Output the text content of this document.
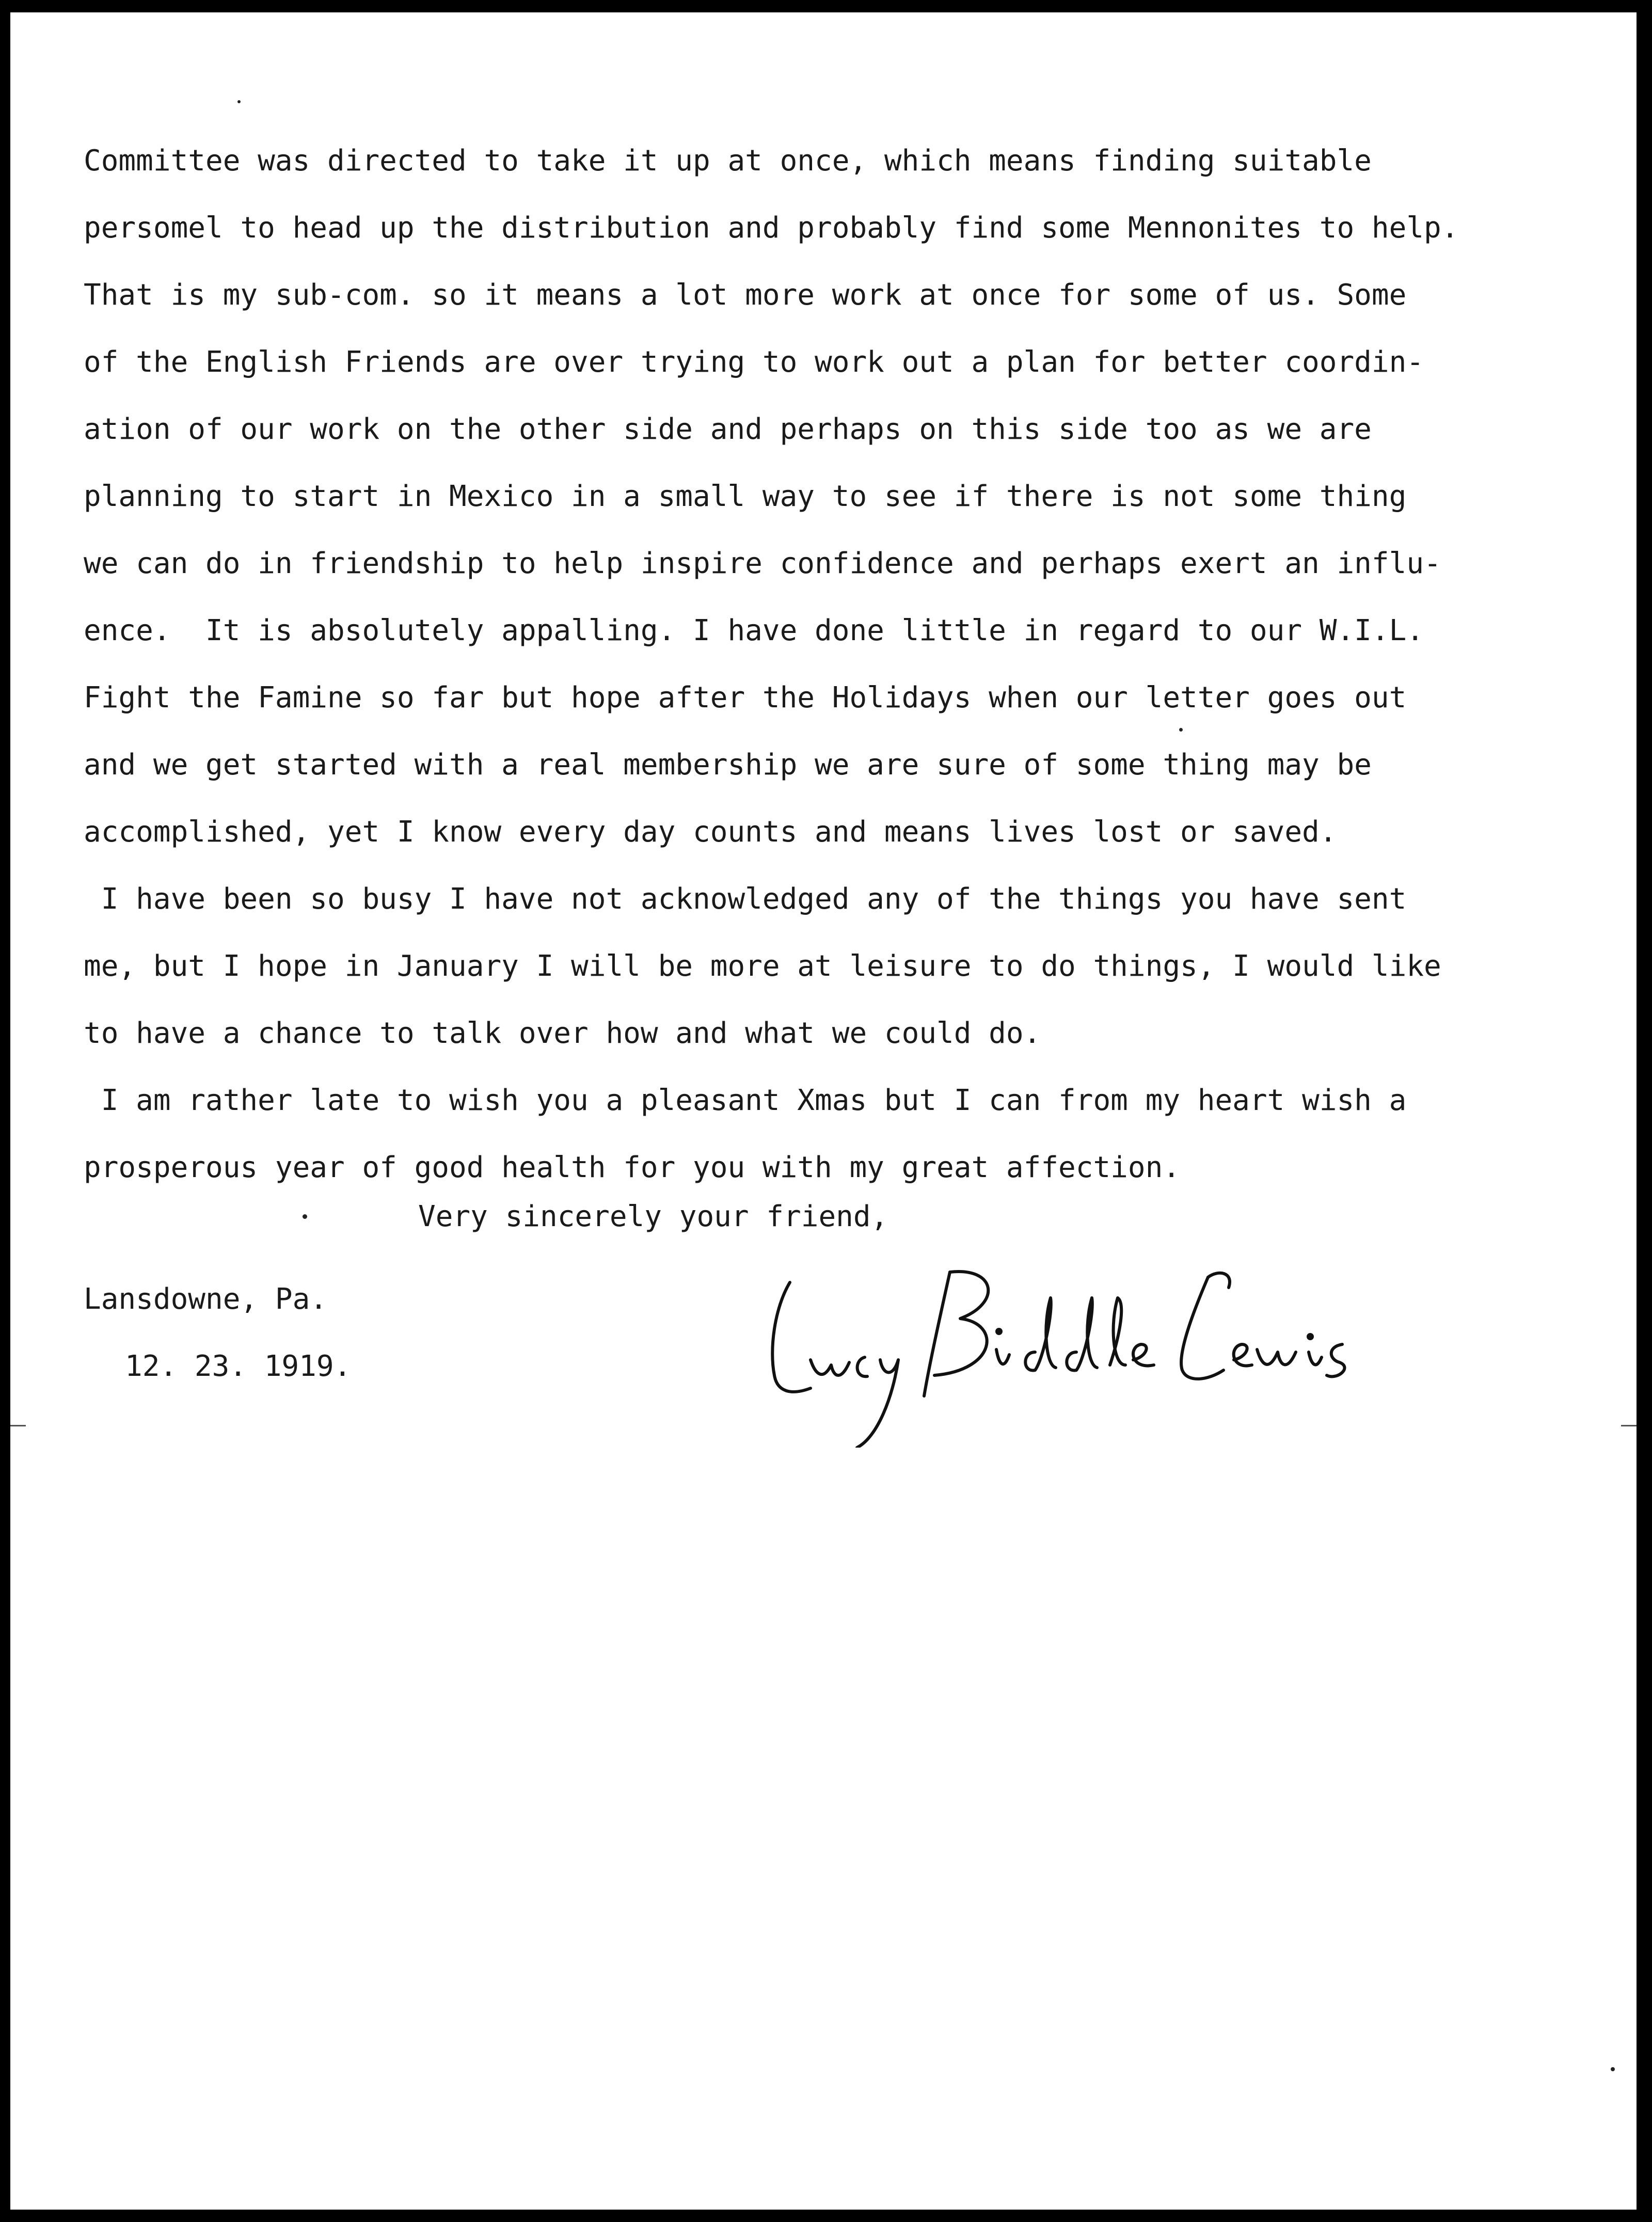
Committee was directed to take it up at once, which means finding suitable
persomel to head up the distribution and probably find some Mennonites to help.
That is my sub-com. so it means a lot more work at once for some of us. Some
of the English Friends are over trying to work out a plan for better coordin-
ation of our work on the other side and perhaps on this side too as we are
planning to start in Mexico in a small way to see if there is not some thing
we can do in friendship to help inspire confidence and perhaps exert an influ-
ence.  It is absolutely appalling. I have done little in regard to our W.I.L.
Fight the Famine so far but hope after the Holidays when our letter goes out
and we get started with a real membership we are sure of some thing may be
accomplished, yet I know every day counts and means lives lost or saved.
I have been so busy I have not acknowledged any of the things you have sent
me, but I hope in January I will be more at leisure to do things, I would like
to have a chance to talk over how and what we could do.
I am rather late to wish you a pleasant Xmas but I can from my heart wish a
prosperous year of good health for you with my great affection.
Very sincerely your friend,
Lansdowne, Pa.
12. 23. 1919.
